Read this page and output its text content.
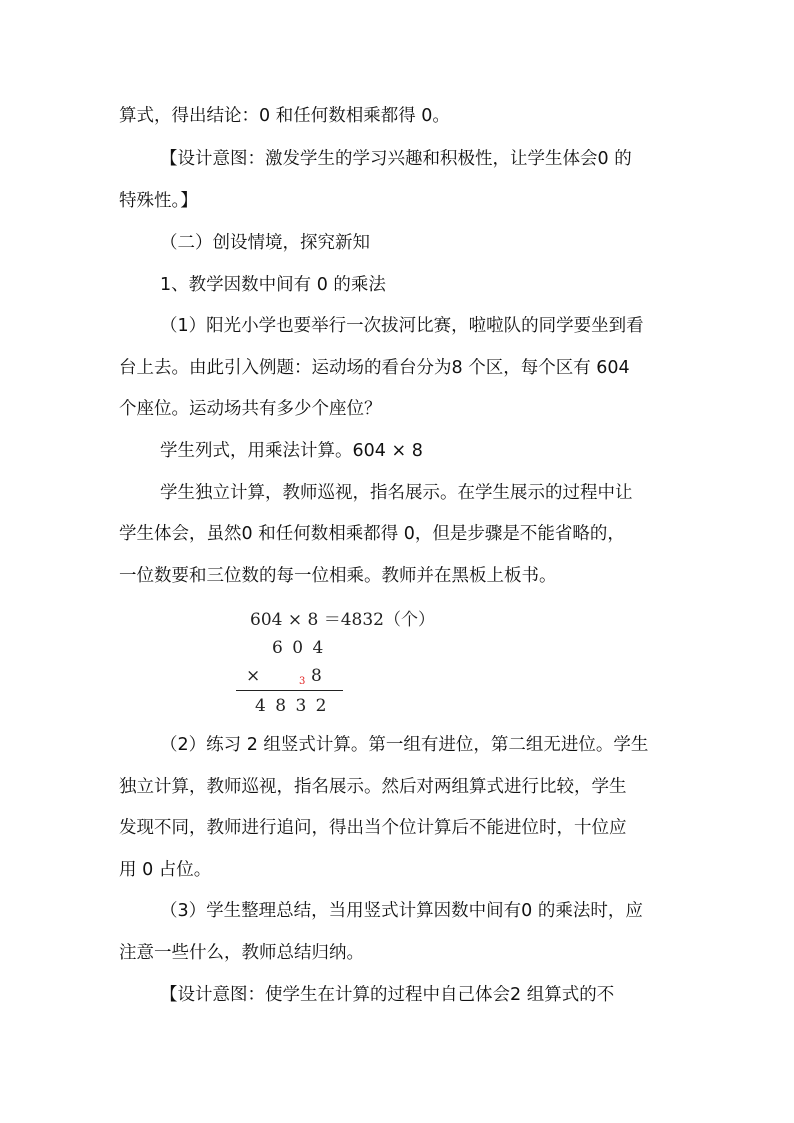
算式，得出结论：0 和任何数相乘都得 0。
【设计意图：激发学生的学习兴趣和积极性，让学生体会0 的
特殊性。】
（二）创设情境，探究新知
1、教学因数中间有 0 的乘法
（1）阳光小学也要举行一次拔河比赛，啦啦队的同学要坐到看
台上去。由此引入例题：运动场的看台分为8 个区，每个区有 604
个座位。运动场共有多少个座位？
学生列式，用乘法计算。604 × 8
学生独立计算，教师巡视，指名展示。在学生展示的过程中让
学生体会，虽然0 和任何数相乘都得 0，但是步骤是不能省略的，
一位数要和三位数的每一位相乘。教师并在黑板上板书。
604 × 8 ＝4832（个）
6 0 4
×	3 8
4 8 3 2
（2）练习 2 组竖式计算。第一组有进位，第二组无进位。学生
独立计算，教师巡视，指名展示。然后对两组算式进行比较，学生
发现不同，教师进行追问，得出当个位计算后不能进位时，十位应
用 0 占位。
（3）学生整理总结，当用竖式计算因数中间有0 的乘法时，应
注意一些什么，教师总结归纳。
【设计意图：使学生在计算的过程中自己体会2 组算式的不
